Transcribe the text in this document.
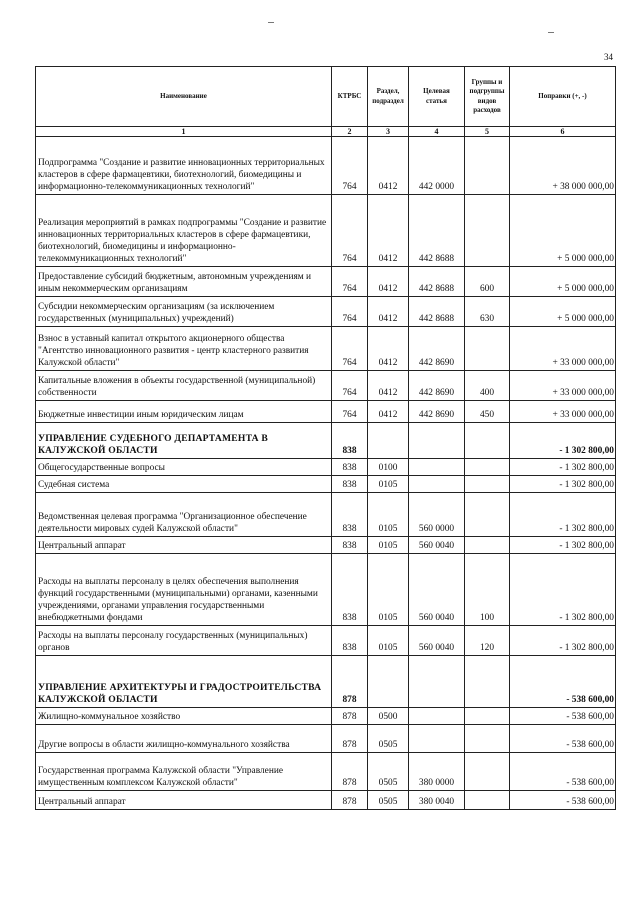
34
Наименование	КТРБС	Раздел, подраздел	Целевая статья	Группы и подгруппы видов расходов	Поправки (+, -)
1	2	3	4	5	6
Подпрограмма "Создание и развитие инновационных территориальных кластеров в сфере фармацевтики, биотехнологий, биомедицины и информационно-телекоммуникационных технологий"	764	0412	442 0000		+ 38 000 000,00
Реализация мероприятий в рамках подпрограммы "Создание и развитие инновационных территориальных кластеров в сфере фармацевтики, биотехнологий, биомедицины и информационно-телекоммуникационных технологий"	764	0412	442 8688		+ 5 000 000,00
Предоставление субсидий бюджетным, автономным учреждениям и иным некоммерческим организациям	764	0412	442 8688	600	+ 5 000 000,00
Субсидии некоммерческим организациям (за исключением государственных (муниципальных) учреждений)	764	0412	442 8688	630	+ 5 000 000,00
Взнос в уставный капитал открытого акционерного общества "Агентство инновационного развития - центр кластерного развития Калужской области"	764	0412	442 8690		+ 33 000 000,00
Капитальные вложения в объекты государственной (муниципальной) собственности	764	0412	442 8690	400	+ 33 000 000,00
Бюджетные инвестиции иным юридическим лицам	764	0412	442 8690	450	+ 33 000 000,00
УПРАВЛЕНИЕ СУДЕБНОГО ДЕПАРТАМЕНТА В КАЛУЖСКОЙ ОБЛАСТИ	838				- 1 302 800,00
Общегосударственные вопросы	838	0100			- 1 302 800,00
Судебная система	838	0105			- 1 302 800,00
Ведомственная целевая программа "Организационное обеспечение деятельности мировых судей Калужской области"	838	0105	560 0000		- 1 302 800,00
Центральный аппарат	838	0105	560 0040		- 1 302 800,00
Расходы на выплаты персоналу в целях обеспечения выполнения функций государственными (муниципальными) органами, казенными учреждениями, органами управления государственными внебюджетными фондами	838	0105	560 0040	100	- 1 302 800,00
Расходы на выплаты персоналу государственных (муниципальных) органов	838	0105	560 0040	120	- 1 302 800,00
УПРАВЛЕНИЕ АРХИТЕКТУРЫ И ГРАДОСТРОИТЕЛЬСТВА КАЛУЖСКОЙ ОБЛАСТИ	878				- 538 600,00
Жилищно-коммунальное хозяйство	878	0500			- 538 600,00
Другие вопросы в области жилищно-коммунального хозяйства	878	0505			- 538 600,00
Государственная программа Калужской области "Управление имущественным комплексом Калужской области"	878	0505	380 0000		- 538 600,00
Центральный аппарат	878	0505	380 0040		- 538 600,00
